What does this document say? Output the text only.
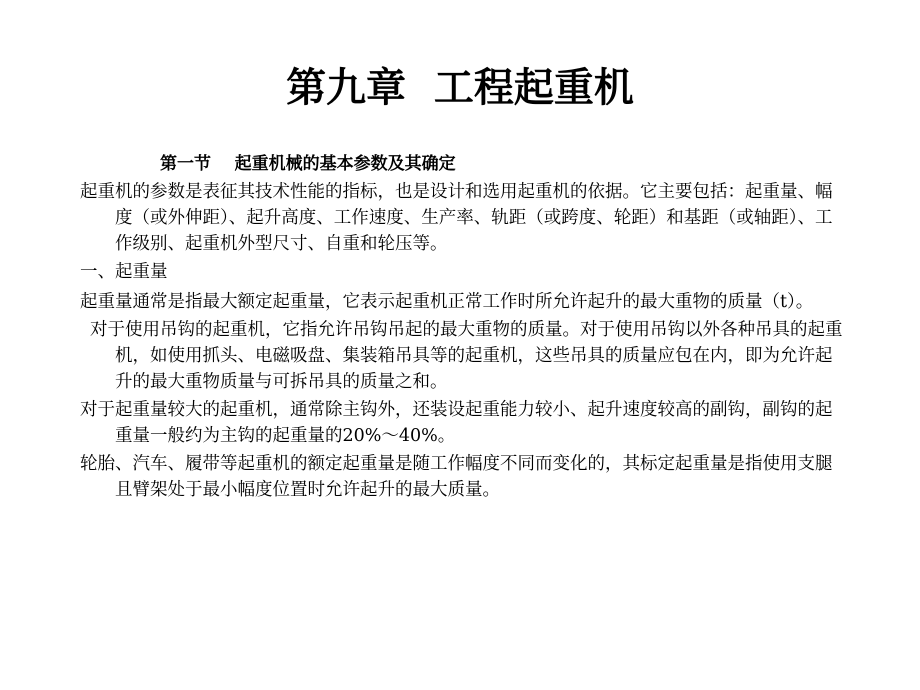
第九章  工程起重机
第一节    起重机械的基本参数及其确定

起重机的参数是表征其技术性能的指标，也是设计和选用起重机的依据。它主要包括：起重量、幅度（或外伸距）、起升高度、工作速度、生产率、轨距（或跨度、轮距）和基距（或轴距）、工作级别、起重机外型尺寸、自重和轮压等。

一、起重量

起重量通常是指最大额定起重量，它表示起重机正常工作时所允许起升的最大重物的质量（t）。

对于使用吊钩的起重机，它指允许吊钩吊起的最大重物的质量。对于使用吊钩以外各种吊具的起重机，如使用抓头、电磁吸盘、集装箱吊具等的起重机，这些吊具的质量应包在内，即为允许起升的最大重物质量与可拆吊具的质量之和。

对于起重量较大的起重机，通常除主钩外，还装设起重能力较小、起升速度较高的副钩，副钩的起重量一般约为主钩的起重量的20%～40%。

轮胎、汽车、履带等起重机的额定起重量是随工作幅度不同而变化的，其标定起重量是指使用支腿且臂架处于最小幅度位置时允许起升的最大质量。
